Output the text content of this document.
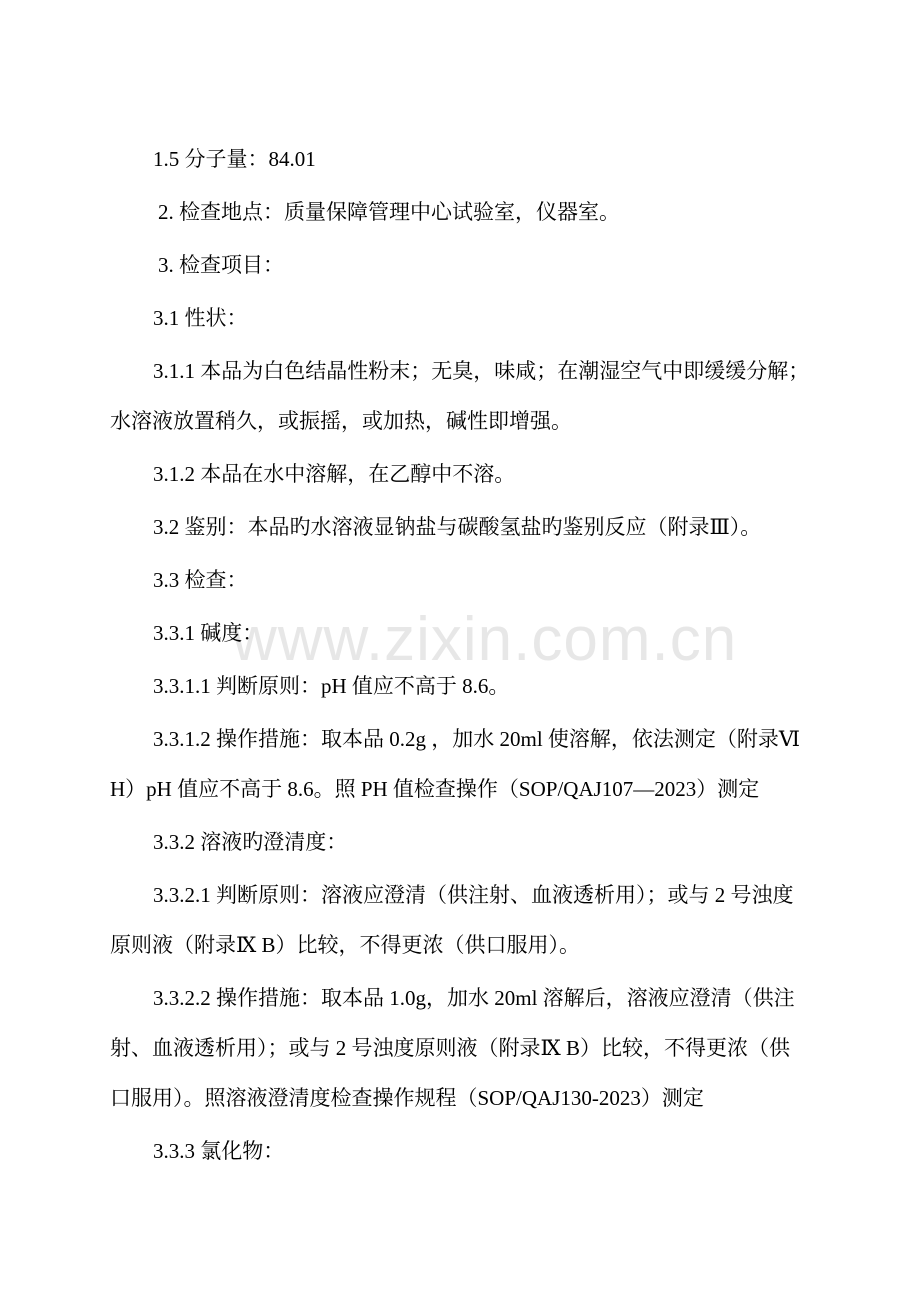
www.zixin.com.cn
1.5 分子量：84.01
2. 检查地点：质量保障管理中心试验室，仪器室。
3. 检查项目：
3.1 性状：
3.1.1 本品为白色结晶性粉末；无臭，味咸；在潮湿空气中即缓缓分解；
水溶液放置稍久，或振摇，或加热，碱性即增强。
3.1.2 本品在水中溶解，在乙醇中不溶。
3.2 鉴别：本品旳水溶液显钠盐与碳酸氢盐旳鉴别反应（附录Ⅲ）。
3.3 检查：
3.3.1 碱度：
3.3.1.1 判断原则：pH 值应不高于 8.6。
3.3.1.2 操作措施：取本品 0.2g ，加水 20ml 使溶解，依法测定（附录Ⅵ
H）pH 值应不高于 8.6。照 PH 值检查操作（SOP/QAJ107—2023）测定
3.3.2 溶液旳澄清度：
3.3.2.1 判断原则：溶液应澄清（供注射、血液透析用）；或与 2 号浊度
原则液（附录Ⅸ B）比较，不得更浓（供口服用）。
3.3.2.2 操作措施：取本品 1.0g，加水 20ml 溶解后，溶液应澄清（供注
射、血液透析用）；或与 2 号浊度原则液（附录Ⅸ B）比较，不得更浓（供
口服用）。照溶液澄清度检查操作规程（SOP/QAJ130-2023）测定
3.3.3 氯化物：
